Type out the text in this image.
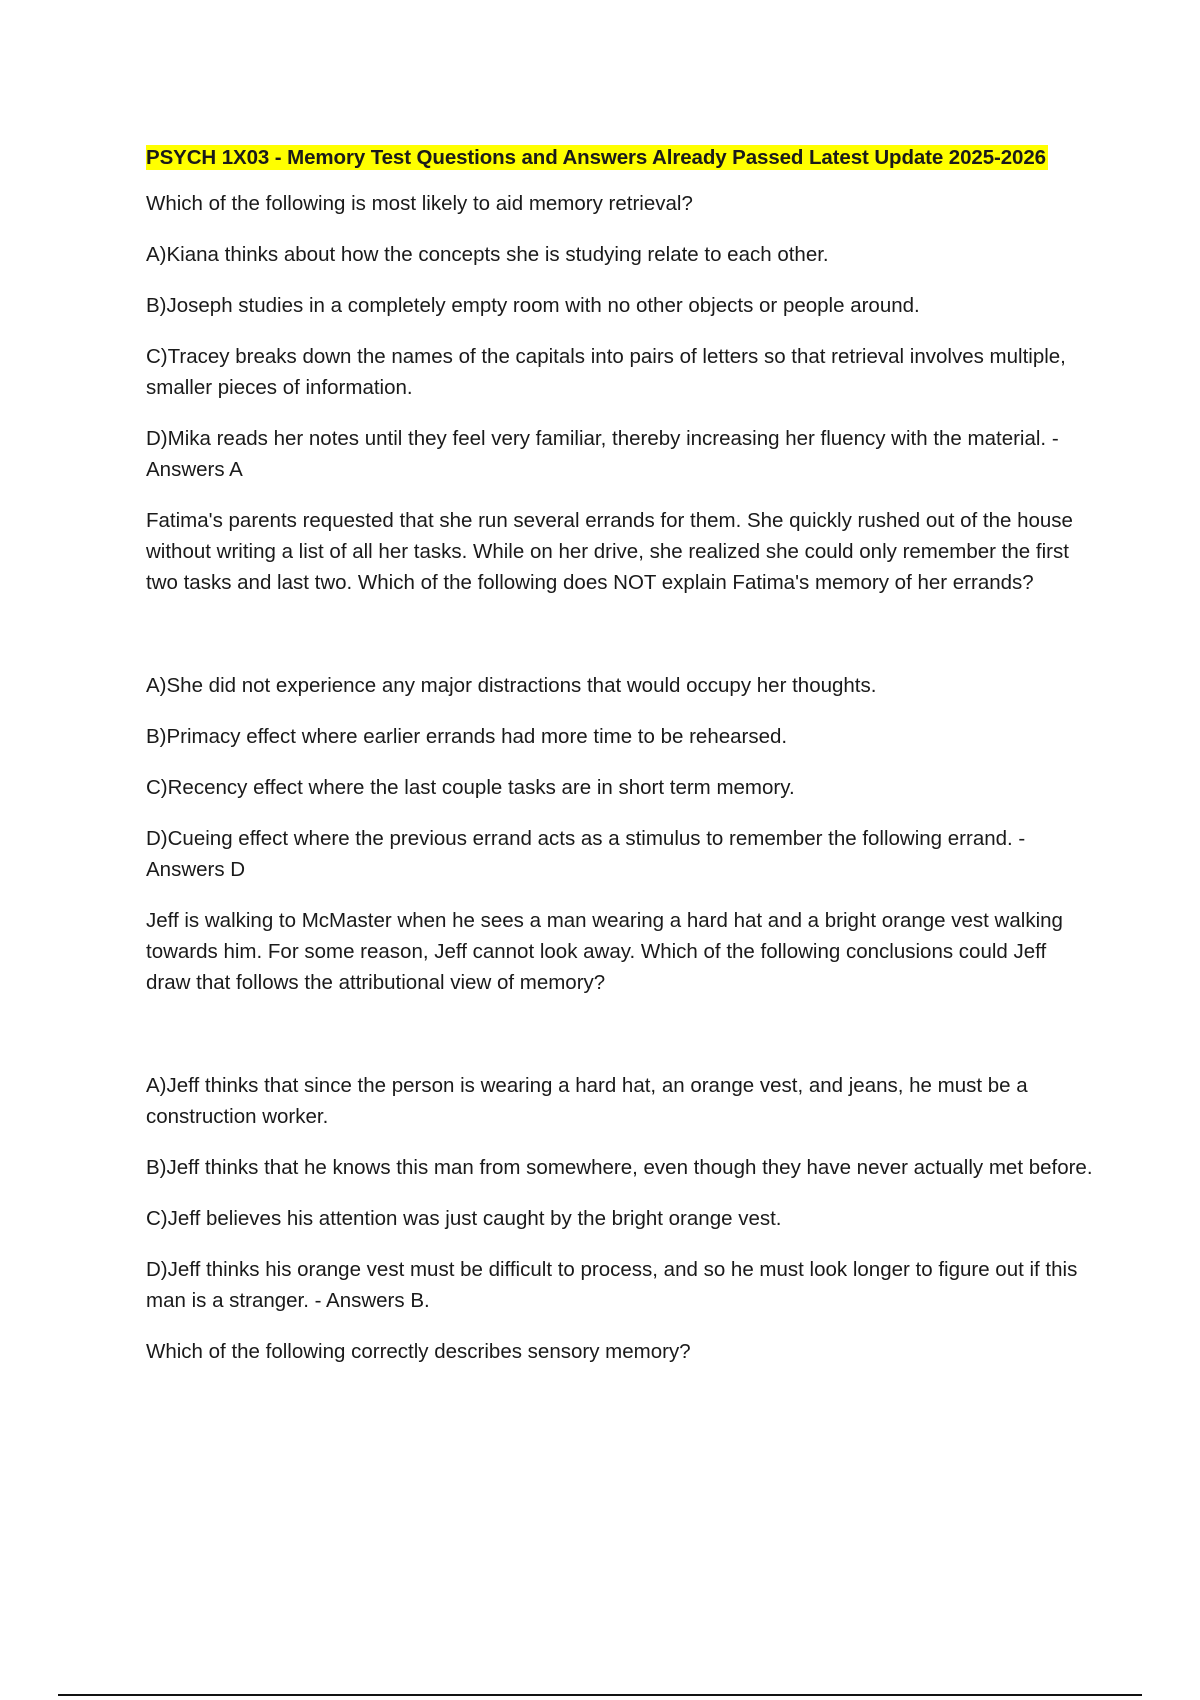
PSYCH 1X03 - Memory Test Questions and Answers Already Passed Latest Update 2025-2026

Which of the following is most likely to aid memory retrieval?

A)Kiana thinks about how the concepts she is studying relate to each other.

B)Joseph studies in a completely empty room with no other objects or people around.

C)Tracey breaks down the names of the capitals into pairs of letters so that retrieval involves multiple, smaller pieces of information.

D)Mika reads her notes until they feel very familiar, thereby increasing her fluency with the material. - Answers A

Fatima's parents requested that she run several errands for them. She quickly rushed out of the house without writing a list of all her tasks. While on her drive, she realized she could only remember the first two tasks and last two. Which of the following does NOT explain Fatima's memory of her errands?

A)She did not experience any major distractions that would occupy her thoughts.

B)Primacy effect where earlier errands had more time to be rehearsed.

C)Recency effect where the last couple tasks are in short term memory.

D)Cueing effect where the previous errand acts as a stimulus to remember the following errand. - Answers D

Jeff is walking to McMaster when he sees a man wearing a hard hat and a bright orange vest walking towards him. For some reason, Jeff cannot look away. Which of the following conclusions could Jeff draw that follows the attributional view of memory?

A)Jeff thinks that since the person is wearing a hard hat, an orange vest, and jeans, he must be a construction worker.

B)Jeff thinks that he knows this man from somewhere, even though they have never actually met before.

C)Jeff believes his attention was just caught by the bright orange vest.

D)Jeff thinks his orange vest must be difficult to process, and so he must look longer to figure out if this man is a stranger. - Answers B.

Which of the following correctly describes sensory memory?
